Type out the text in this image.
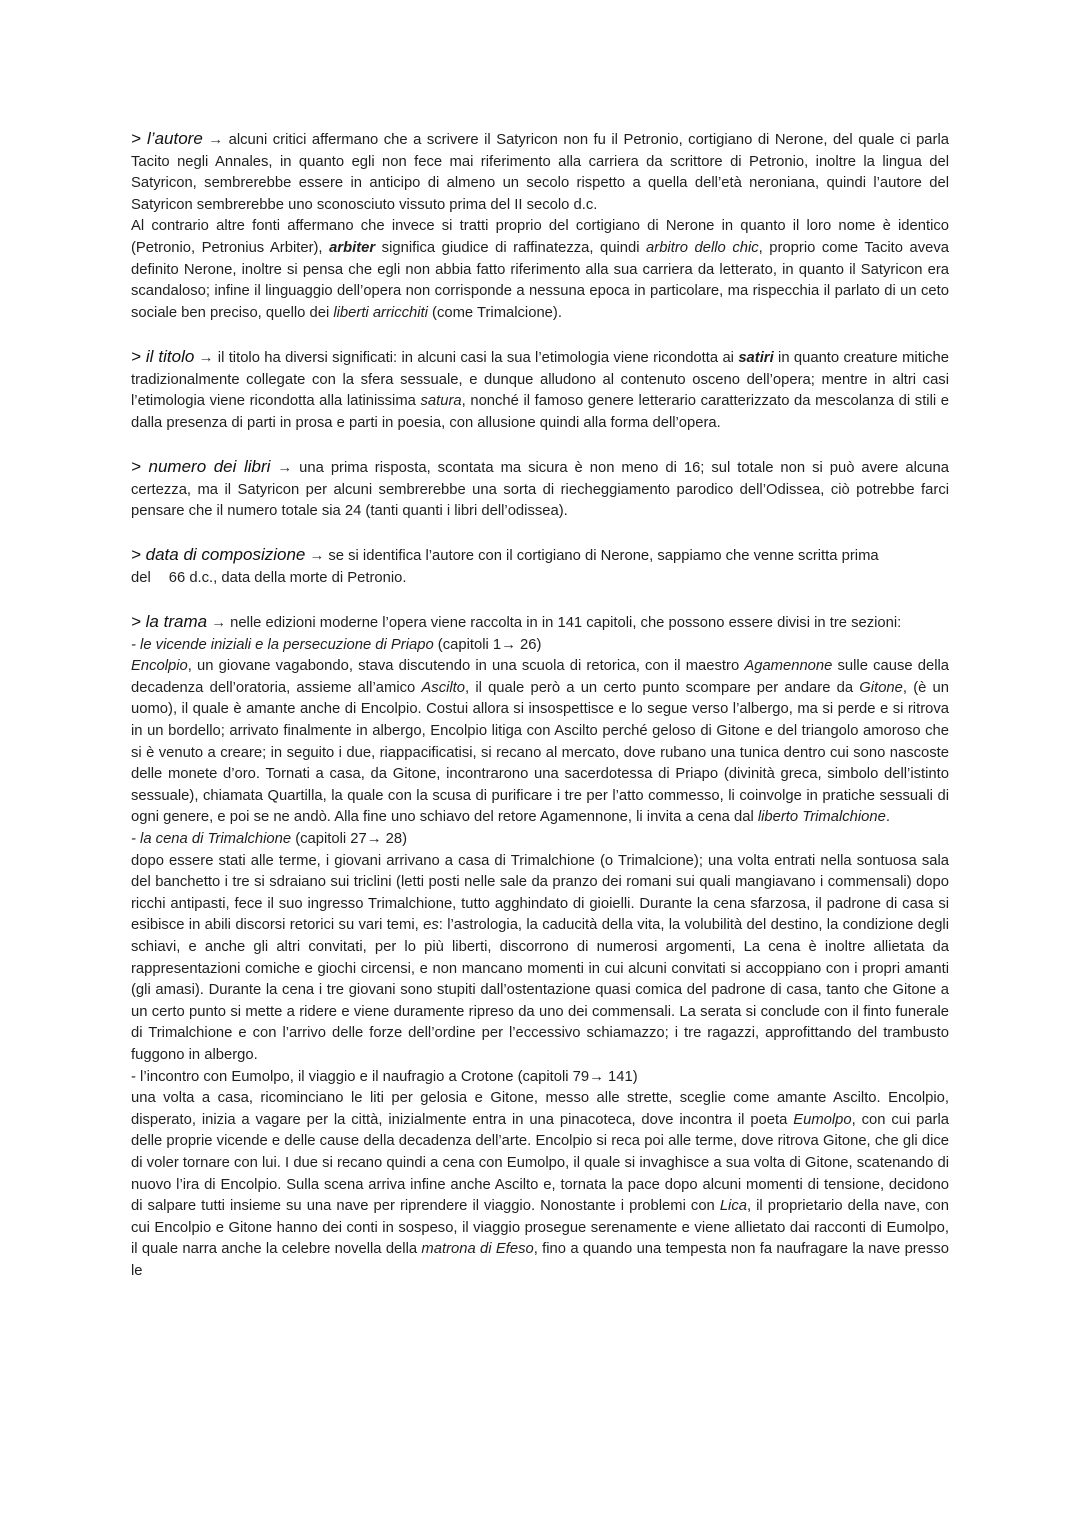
> l’autore → alcuni critici affermano che a scrivere il Satyricon non fu il Petronio, cortigiano di Nerone, del quale ci parla Tacito negli Annales, in quanto egli non fece mai riferimento alla carriera da scrittore di Petronio, inoltre la lingua del Satyricon, sembrerebbe essere in anticipo di almeno un secolo rispetto a quella dell’età neroniana, quindi l’autore del Satyricon sembrerebbe uno sconosciuto vissuto prima del II secolo d.c.

Al contrario altre fonti affermano che invece si tratti proprio del cortigiano di Nerone in quanto il loro nome è identico (Petronio, Petronius Arbiter), arbiter significa giudice di raffinatezza, quindi arbitro dello chic, proprio come Tacito aveva definito Nerone, inoltre si pensa che egli non abbia fatto riferimento alla sua carriera da letterato, in quanto il Satyricon era scandaloso; infine il linguaggio dell’opera non corrisponde a nessuna epoca in particolare, ma rispecchia il parlato di un ceto sociale ben preciso, quello dei liberti arricchiti (come Trimalcione).

> il titolo → il titolo ha diversi significati: in alcuni casi la sua l’etimologia viene ricondotta ai satiri in quanto creature mitiche tradizionalmente collegate con la sfera sessuale, e dunque alludono al contenuto osceno dell’opera; mentre in altri casi l’etimologia viene ricondotta alla latinissima satura, nonché il famoso genere letterario caratterizzato da mescolanza di stili e dalla presenza di parti in prosa e parti in poesia, con allusione quindi alla forma dell’opera.

> numero dei libri → una prima risposta, scontata ma sicura è non meno di 16; sul totale non si può avere alcuna certezza, ma il Satyricon per alcuni sembrerebbe una sorta di riecheggiamento parodico dell’Odissea, ciò potrebbe farci pensare che il numero totale sia 24 (tanti quanti i libri dell’odissea).

> data di composizione → se si identifica l’autore con il cortigiano di Nerone, sappiamo che venne scritta prima

del 66 d.c., data della morte di Petronio.

> la trama → nelle edizioni moderne l’opera viene raccolta in in 141 capitoli, che possono essere divisi in tre sezioni:

- le vicende iniziali e la persecuzione di Priapo (capitoli 1→ 26)

Encolpio, un giovane vagabondo, stava discutendo in una scuola di retorica, con il maestro Agamennone sulle cause della decadenza dell’oratoria, assieme all’amico Ascilto, il quale però a un certo punto scompare per andare da Gitone, (è un uomo), il quale è amante anche di Encolpio. Costui allora si insospettisce e lo segue verso l’albergo, ma si perde e si ritrova in un bordello; arrivato finalmente in albergo, Encolpio litiga con Ascilto perché geloso di Gitone e del triangolo amoroso che si è venuto a creare; in seguito i due, riappacificatisi, si recano al mercato, dove rubano una tunica dentro cui sono nascoste delle monete d’oro. Tornati a casa, da Gitone, incontrarono una sacerdotessa di Priapo (divinità greca, simbolo dell’istinto sessuale), chiamata Quartilla, la quale con la scusa di purificare i tre per l’atto commesso, li coinvolge in pratiche sessuali di ogni genere, e poi se ne andò. Alla fine uno schiavo del retore Agamennone, li invita a cena dal liberto Trimalchione.

- la cena di Trimalchione (capitoli 27→ 28)

dopo essere stati alle terme, i giovani arrivano a casa di Trimalchione (o Trimalcione); una volta entrati nella sontuosa sala del banchetto i tre si sdraiano sui triclini (letti posti nelle sale da pranzo dei romani sui quali mangiavano i commensali) dopo ricchi antipasti, fece il suo ingresso Trimalchione, tutto agghindato di gioielli. Durante la cena sfarzosa, il padrone di casa si esibisce in abili discorsi retorici su vari temi, es: l’astrologia, la caducità della vita, la volubilità del destino, la condizione degli schiavi, e anche gli altri convitati, per lo più liberti, discorrono di numerosi argomenti, La cena è inoltre allietata da rappresentazioni comiche e giochi circensi, e non mancano momenti in cui alcuni convitati si accoppiano con i propri amanti (gli amasi). Durante la cena i tre giovani sono stupiti dall’ostentazione quasi comica del padrone di casa, tanto che Gitone a un certo punto si mette a ridere e viene duramente ripreso da uno dei commensali. La serata si conclude con il finto funerale di Trimalchione e con l’arrivo delle forze dell’ordine per l’eccessivo schiamazzo; i tre ragazzi, approfittando del trambusto fuggono in albergo.

- l’incontro con Eumolpo, il viaggio e il naufragio a Crotone (capitoli 79→ 141)

una volta a casa, ricominciano le liti per gelosia e Gitone, messo alle strette, sceglie come amante Ascilto. Encolpio, disperato, inizia a vagare per la città, inizialmente entra in una pinacoteca, dove incontra il poeta Eumolpo, con cui parla delle proprie vicende e delle cause della decadenza dell’arte. Encolpio si reca poi alle terme, dove ritrova Gitone, che gli dice di voler tornare con lui. I due si recano quindi a cena con Eumolpo, il quale si invaghisce a sua volta di Gitone, scatenando di nuovo l’ira di Encolpio. Sulla scena arriva infine anche Ascilto e, tornata la pace dopo alcuni momenti di tensione, decidono di salpare tutti insieme su una nave per riprendere il viaggio. Nonostante i problemi con Lica, il proprietario della nave, con cui Encolpio e Gitone hanno dei conti in sospeso, il viaggio prosegue serenamente e viene allietato dai racconti di Eumolpo, il quale narra anche la celebre novella della matrona di Efeso, fino a quando una tempesta non fa naufragare la nave presso le
